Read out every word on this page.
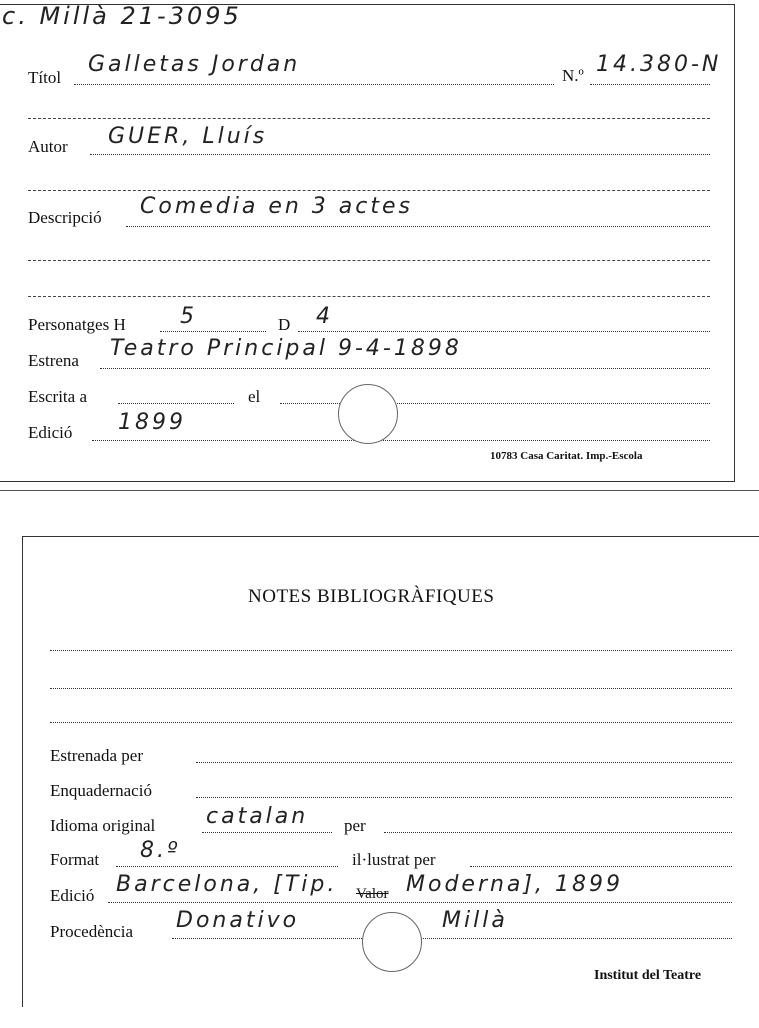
c. Millà 21-3095
Títol
Galletas Jordan	N.º 14.380-N
Autor GUER, Lluís
Descripció Comedia en 3 actes
Personatges H 5	D 4
Estrena Teatro Principal 9-4-1898
Escrita a	el
Edició 1899
10783 Casa Caritat. Imp.-Escola
NOTES BIBLIOGRÀFIQUES
Estrenada per
Enquadernació
Idioma original catalan per
Format 8.º	il·lustrat per
Edició Barcelona, [Tip. Valor Moderna], 1899
Procedència Donativo	Millà
Institut del Teatre
